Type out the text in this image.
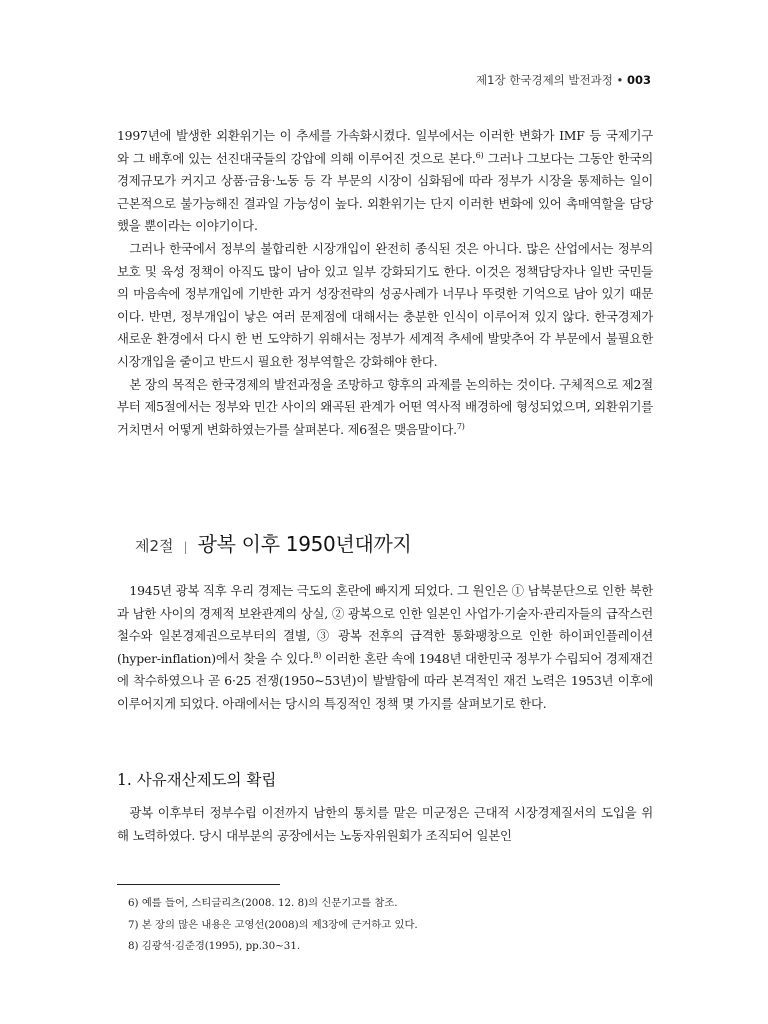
제1장 한국경제의 발전과정 • 003

1997년에 발생한 외환위기는 이 추세를 가속화시켰다. 일부에서는 이러한 변화가 IMF 등 국제기구와 그 배후에 있는 선진대국들의 강압에 의해 이루어진 것으로 본다.$^{6)}$ 그러나 그보다는 그동안 한국의 경제규모가 커지고 상품·금융·노동 등 각 부문의 시장이 심화됨에 따라 정부가 시장을 통제하는 일이 근본적으로 불가능해진 결과일 가능성이 높다. 외환위기는 단지 이러한 변화에 있어 촉매역할을 담당했을 뿐이라는 이야기이다.

그러나 한국에서 정부의 불합리한 시장개입이 완전히 종식된 것은 아니다. 많은 산업에서는 정부의 보호 및 육성 정책이 아직도 많이 남아 있고 일부 강화되기도 한다. 이것은 정책담당자나 일반 국민들의 마음속에 정부개입에 기반한 과거 성장전략의 성공사례가 너무나 뚜렷한 기억으로 남아 있기 때문이다. 반면, 정부개입이 낳은 여러 문제점에 대해서는 충분한 인식이 이루어져 있지 않다. 한국경제가 새로운 환경에서 다시 한 번 도약하기 위해서는 정부가 세계적 추세에 발맞추어 각 부문에서 불필요한 시장개입을 줄이고 반드시 필요한 정부역할은 강화해야 한다.

본 장의 목적은 한국경제의 발전과정을 조망하고 향후의 과제를 논의하는 것이다. 구체적으로 제2절부터 제5절에서는 정부와 민간 사이의 왜곡된 관계가 어떤 역사적 배경하에 형성되었으며, 외환위기를 거치면서 어떻게 변화하였는가를 살펴본다. 제6절은 맺음말이다.$^{7)}$

제2절 | 광복 이후 1950년대까지

1945년 광복 직후 우리 경제는 극도의 혼란에 빠지게 되었다. 그 원인은 ① 남북분단으로 인한 북한과 남한 사이의 경제적 보완관계의 상실, ② 광복으로 인한 일본인 사업가·기술자·관리자들의 급작스런 철수와 일본경제권으로부터의 결별, ③ 광복 전후의 급격한 통화팽창으로 인한 하이퍼인플레이션(hyper-inflation)에서 찾을 수 있다.$^{8)}$ 이러한 혼란 속에 1948년 대한민국 정부가 수립되어 경제재건에 착수하였으나 곧 6·25 전쟁(1950∼53년)이 발발함에 따라 본격적인 재건 노력은 1953년 이후에 이루어지게 되었다. 아래에서는 당시의 특징적인 정책 몇 가지를 살펴보기로 한다.

1. 사유재산제도의 확립

광복 이후부터 정부수립 이전까지 남한의 통치를 맡은 미군정은 근대적 시장경제질서의 도입을 위해 노력하였다. 당시 대부분의 공장에서는 노동자위원회가 조직되어 일본인

6) 예를 들어, 스티글리츠(2008. 12. 8)의 신문기고를 참조.
7) 본 장의 많은 내용은 고영선(2008)의 제3장에 근거하고 있다.
8) 김광석·김준경(1995), pp.30∼31.
